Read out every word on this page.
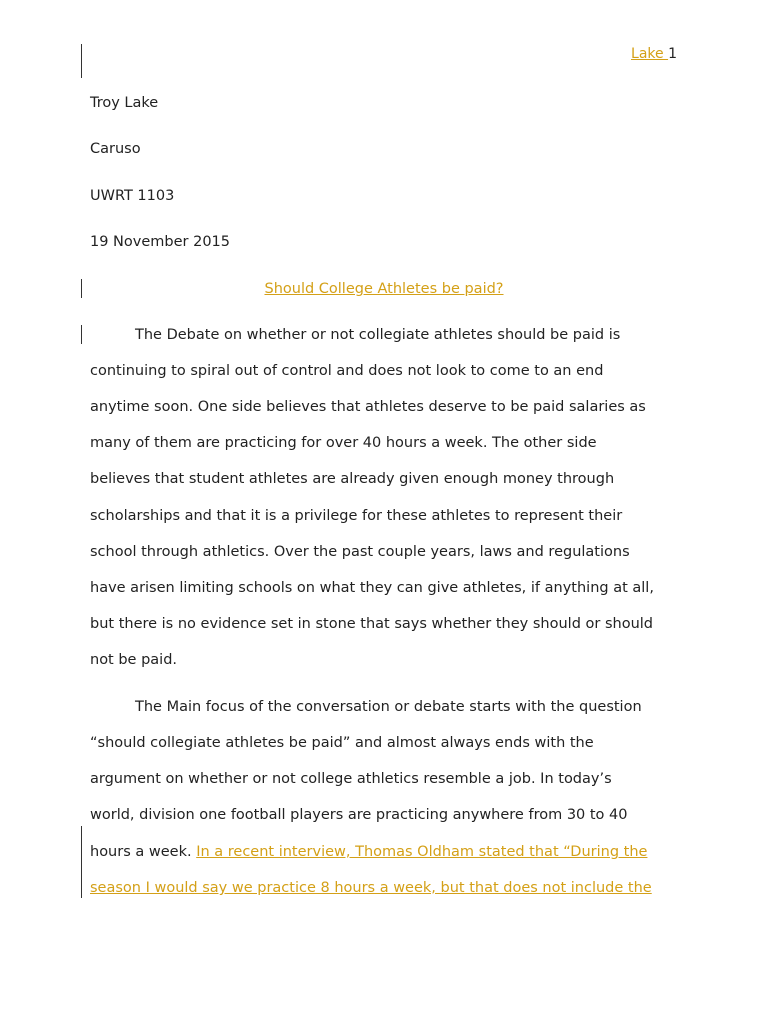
Lake 1
Troy Lake
Caruso
UWRT 1103
19 November 2015
Should College Athletes be paid?
The Debate on whether or not collegiate athletes should be paid is
continuing to spiral out of control and does not look to come to an end
anytime soon. One side believes that athletes deserve to be paid salaries as
many of them are practicing for over 40 hours a week. The other side
believes that student athletes are already given enough money through
scholarships and that it is a privilege for these athletes to represent their
school through athletics. Over the past couple years, laws and regulations
have arisen limiting schools on what they can give athletes, if anything at all,
but there is no evidence set in stone that says whether they should or should
not be paid.
The Main focus of the conversation or debate starts with the question
“should collegiate athletes be paid” and almost always ends with the
argument on whether or not college athletics resemble a job. In today’s
world, division one football players are practicing anywhere from 30 to 40
hours a week. In a recent interview, Thomas Oldham stated that “During the
season I would say we practice 8 hours a week, but that does not include the
